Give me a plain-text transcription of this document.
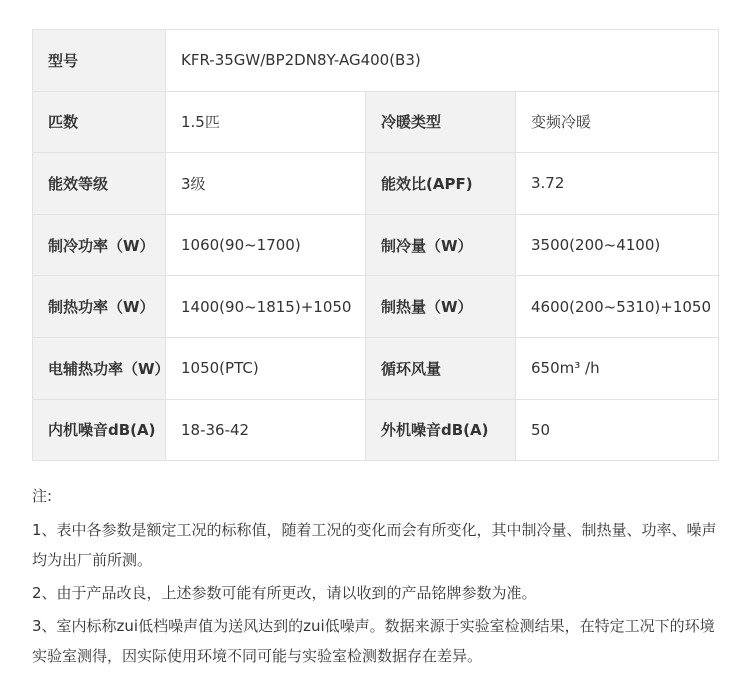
型号	KFR-35GW/BP2DN8Y-AG400(B3)		
匹数	1.5匹	冷暖类型	变频冷暖
能效等级	3级	能效比(APF)	3.72
制冷功率（W）	1060(90~1700)	制冷量（W）	3500(200~4100)
制热功率（W）	1400(90~1815)+1050	制热量（W）	4600(200~5310)+1050
电辅热功率（W）	1050(PTC)	循环风量	650m³ /h
内机噪音dB(A)	18-36-42	外机噪音dB(A)	50

注:

1、表中各参数是额定工况的标称值，随着工况的变化而会有所变化，其中制冷量、制热量、功率、噪声均为出厂前所测。

2、由于产品改良，上述参数可能有所更改，请以收到的产品铭牌参数为准。

3、室内标称zui低档噪声值为送风达到的zui低噪声。数据来源于实验室检测结果，在特定工况下的环境实验室测得，因实际使用环境不同可能与实验室检测数据存在差异。
